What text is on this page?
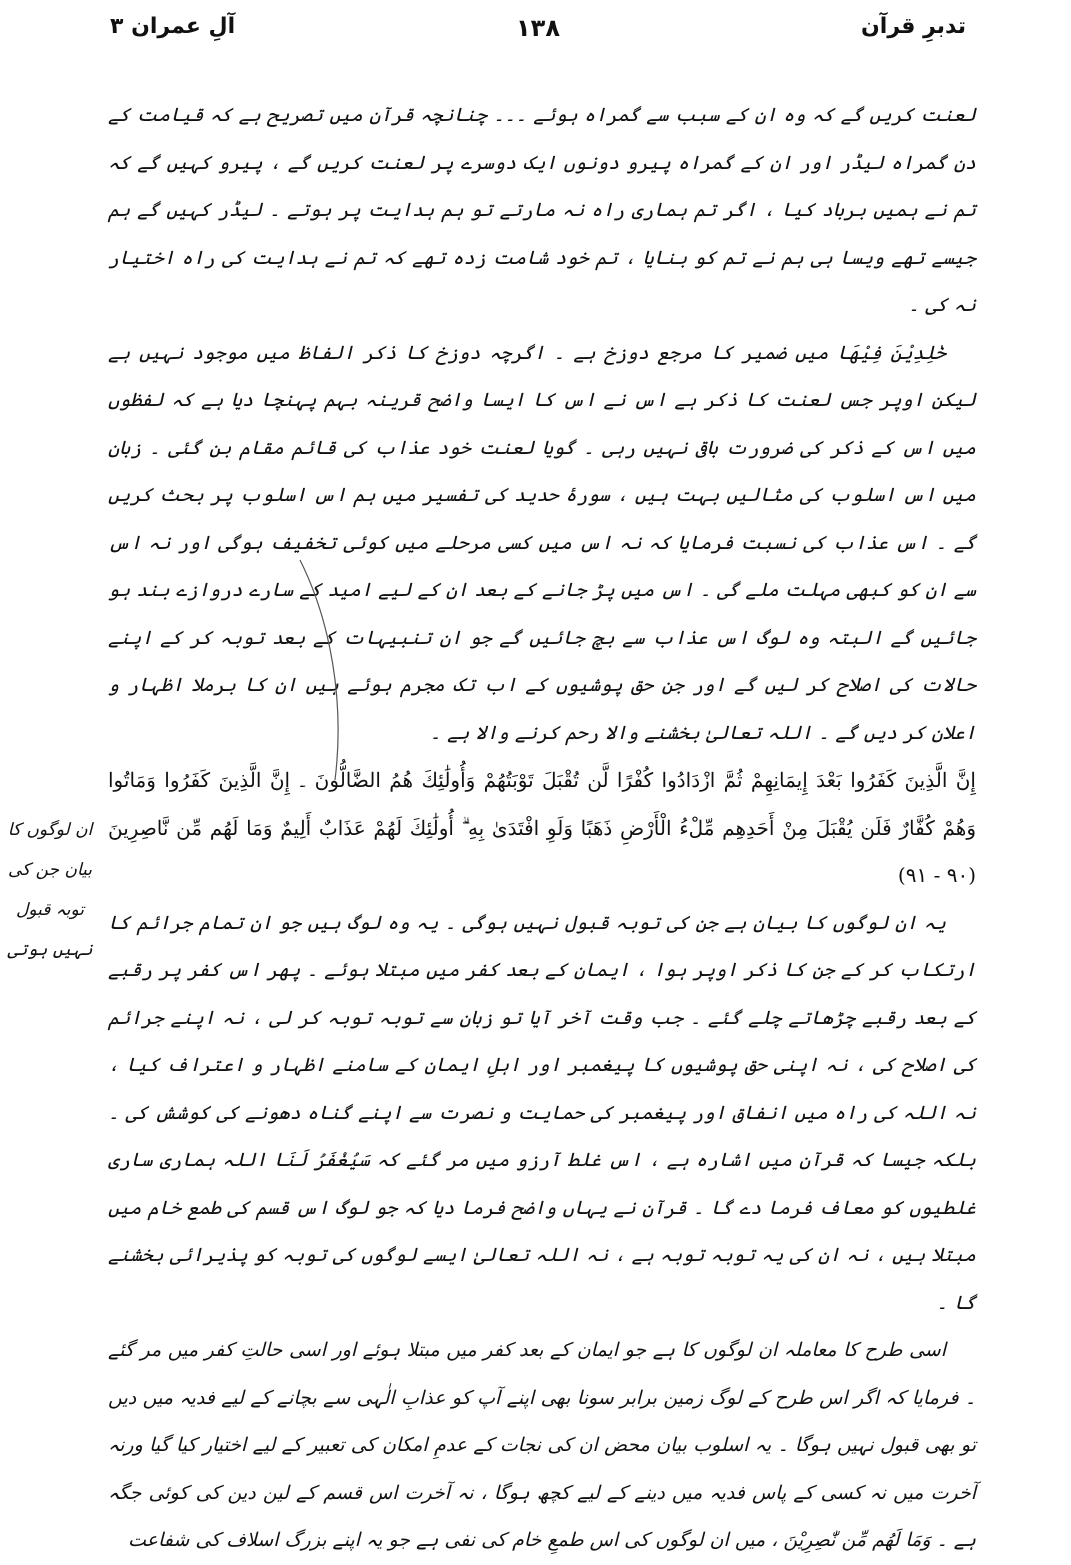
تدبرِ قرآن
۱۳۸
آلِ عمران ۳

لعنت کریں گے کہ وہ ان کے سبب سے گمراہ ہوئے ۔۔۔ چنانچہ قرآن میں تصریح ہے کہ قیامت کے دن گمراہ لیڈر اور ان کے گمراہ پیرو دونوں ایک دوسرے پر لعنت کریں گے ، پیرو کہیں گے کہ تم نے ہمیں برباد کیا ، اگر تم ہماری راہ نہ مارتے تو ہم ہدایت پر ہوتے ۔ لیڈر کہیں گے ہم جیسے تھے ویسا ہی ہم نے تم کو بنایا ، تم خود شامت زدہ تھے کہ تم نے ہدایت کی راہ اختیار نہ کی ۔

خٰلِدِیْنَ فِیْھَا میں ضمیر کا مرجع دوزخ ہے ۔ اگرچہ دوزخ کا ذکر الفاظ میں موجود نہیں ہے لیکن اوپر جس لعنت کا ذکر ہے اس نے اس کا ایسا واضح قرینہ بہم پہنچا دیا ہے کہ لفظوں میں اس کے ذکر کی ضرورت باقی نہیں رہی ۔ گویا لعنت خود عذاب کی قائم مقام بن گئی ۔ زبان میں اس اسلوب کی مثالیں بہت ہیں ، سورۂ حدید کی تفسیر میں ہم اس اسلوب پر بحث کریں گے ۔ اس عذاب کی نسبت فرمایا کہ نہ اس میں کسی مرحلے میں کوئی تخفیف ہوگی اور نہ اس سے ان کو کبھی مہلت ملے گی ۔ اس میں پڑ جانے کے بعد ان کے لیے امید کے سارے دروازے بند ہو جائیں گے البتہ وہ لوگ اس عذاب سے بچ جائیں گے جو ان تنبیہات کے بعد توبہ کر کے اپنے حالات کی اصلاح کر لیں گے اور جن حق پوشیوں کے اب تک مجرم ہوئے ہیں ان کا برملا اظہار و اعلان کر دیں گے ۔ اللہ تعالیٰ بخشنے والا رحم کرنے والا ہے ۔

إِنَّ الَّذِينَ كَفَرُوا بَعْدَ إِيمَانِهِمْ ثُمَّ ازْدَادُوا كُفْرًا لَّن تُقْبَلَ تَوْبَتُهُمْ وَأُولَٰئِكَ هُمُ الضَّالُّونَ ۔ إِنَّ الَّذِينَ كَفَرُوا وَمَاتُوا وَهُمْ كُفَّارٌ فَلَن يُقْبَلَ مِنْ أَحَدِهِم مِّلْءُ الْأَرْضِ ذَهَبًا وَلَوِ افْتَدَىٰ بِهِ ۗ أُولَٰئِكَ لَهُمْ عَذَابٌ أَلِيمٌ وَمَا لَهُم مِّن نَّاصِرِينَ (۹۰ - ۹۱)

یہ ان لوگوں کا بیان ہے جن کی توبہ قبول نہیں ہوگی ۔ یہ وہ لوگ ہیں جو ان تمام جرائم کا ارتکاب کر کے جن کا ذکر اوپر ہوا ، ایمان کے بعد کفر میں مبتلا ہوئے ۔ پھر اس کفر پر رقبے کے بعد رقبے چڑھاتے چلے گئے ۔ جب وقت آخر آیا تو زبان سے توبہ توبہ کر لی ، نہ اپنے جرائم کی اصلاح کی ، نہ اپنی حق پوشیوں کا پیغمبر اور اہلِ ایمان کے سامنے اظہار و اعتراف کیا ، نہ اللہ کی راہ میں انفاق اور پیغمبر کی حمایت و نصرت سے اپنے گناہ دھونے کی کوشش کی ۔ بلکہ جیسا کہ قرآن میں اشارہ ہے ، اس غلط آرزو میں مر گئے کہ سَیُغْفَرُ لَنَا اللہ ہماری ساری غلطیوں کو معاف فرما دے گا ۔ قرآن نے یہاں واضح فرما دیا کہ جو لوگ اس قسم کی طمع خام میں مبتلا ہیں ، نہ ان کی یہ توبہ توبہ ہے ، نہ اللہ تعالیٰ ایسے لوگوں کی توبہ کو پذیرائی بخشنے گا ۔

اسی طرح کا معاملہ ان لوگوں کا ہے جو ایمان کے بعد کفر میں مبتلا ہوئے اور اسی حالتِ کفر میں مر گئے ۔ فرمایا کہ اگر اس طرح کے لوگ زمین برابر سونا بھی اپنے آپ کو عذابِ الٰہی سے بچانے کے لیے فدیہ میں دیں تو بھی قبول نہیں ہوگا ۔ یہ اسلوب بیان محض ان کی نجات کے عدمِ امکان کی تعبیر کے لیے اختیار کیا گیا ورنہ آخرت میں نہ کسی کے پاس فدیہ میں دینے کے لیے کچھ ہوگا ، نہ آخرت اس قسم کے لین دین کی کوئی جگہ ہے ۔ وَمَا لَھُم مِّن نّٰصِرِیْنَ ، میں ان لوگوں کی اس طمعِ خام کی نفی ہے جو یہ اپنے بزرگ اسلاف کی شفاعت

ان لوگوں کا
بیان جن کی
توبہ قبول
نہیں ہوتی
